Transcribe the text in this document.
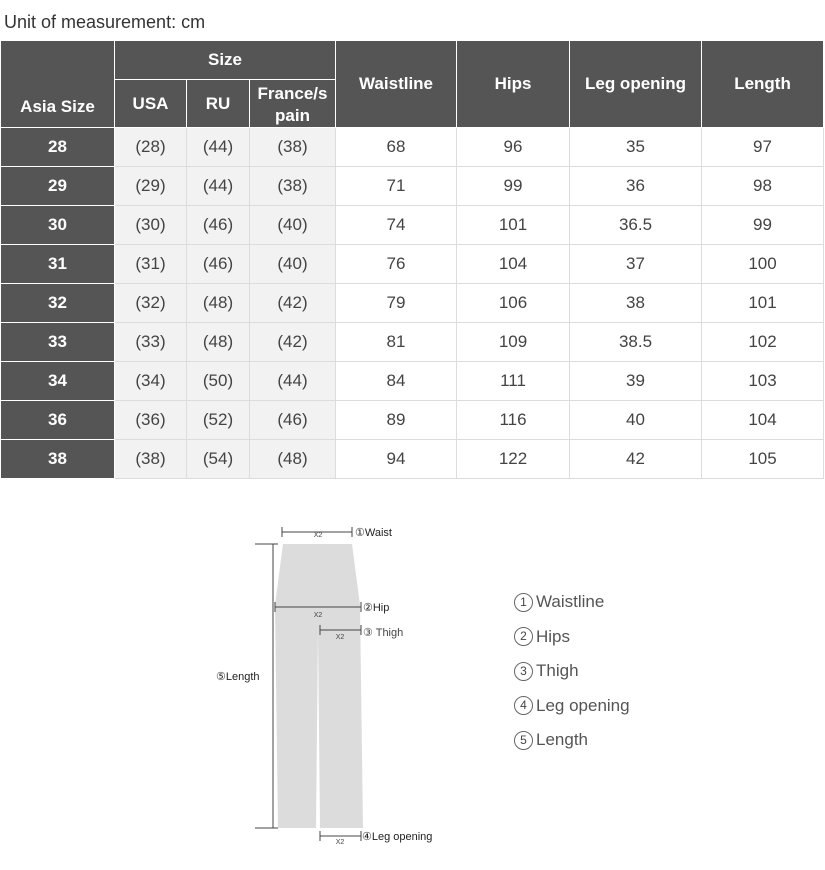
Unit of measurement: cm
Asia Size	Size			Waistline	Hips	Leg opening	Length
	USA	RU	France/s pain				
28	(28)	(44)	(38)	68	96	35	97
29	(29)	(44)	(38)	71	99	36	98
30	(30)	(46)	(40)	74	101	36.5	99
31	(31)	(46)	(40)	76	104	37	100
32	(32)	(48)	(42)	79	106	38	101
33	(33)	(48)	(42)	81	109	38.5	102
34	(34)	(50)	(44)	84	111	39	103
36	(36)	(52)	(46)	89	116	40	104
38	(38)	(54)	(48)	94	122	42	105
X2	①Waist
X2
②Hip
X2 ③ Thigh
⑤Length
X2 ④Leg opening
1 Waistline
2 Hips
3 Thigh
4 Leg opening
5 Length
